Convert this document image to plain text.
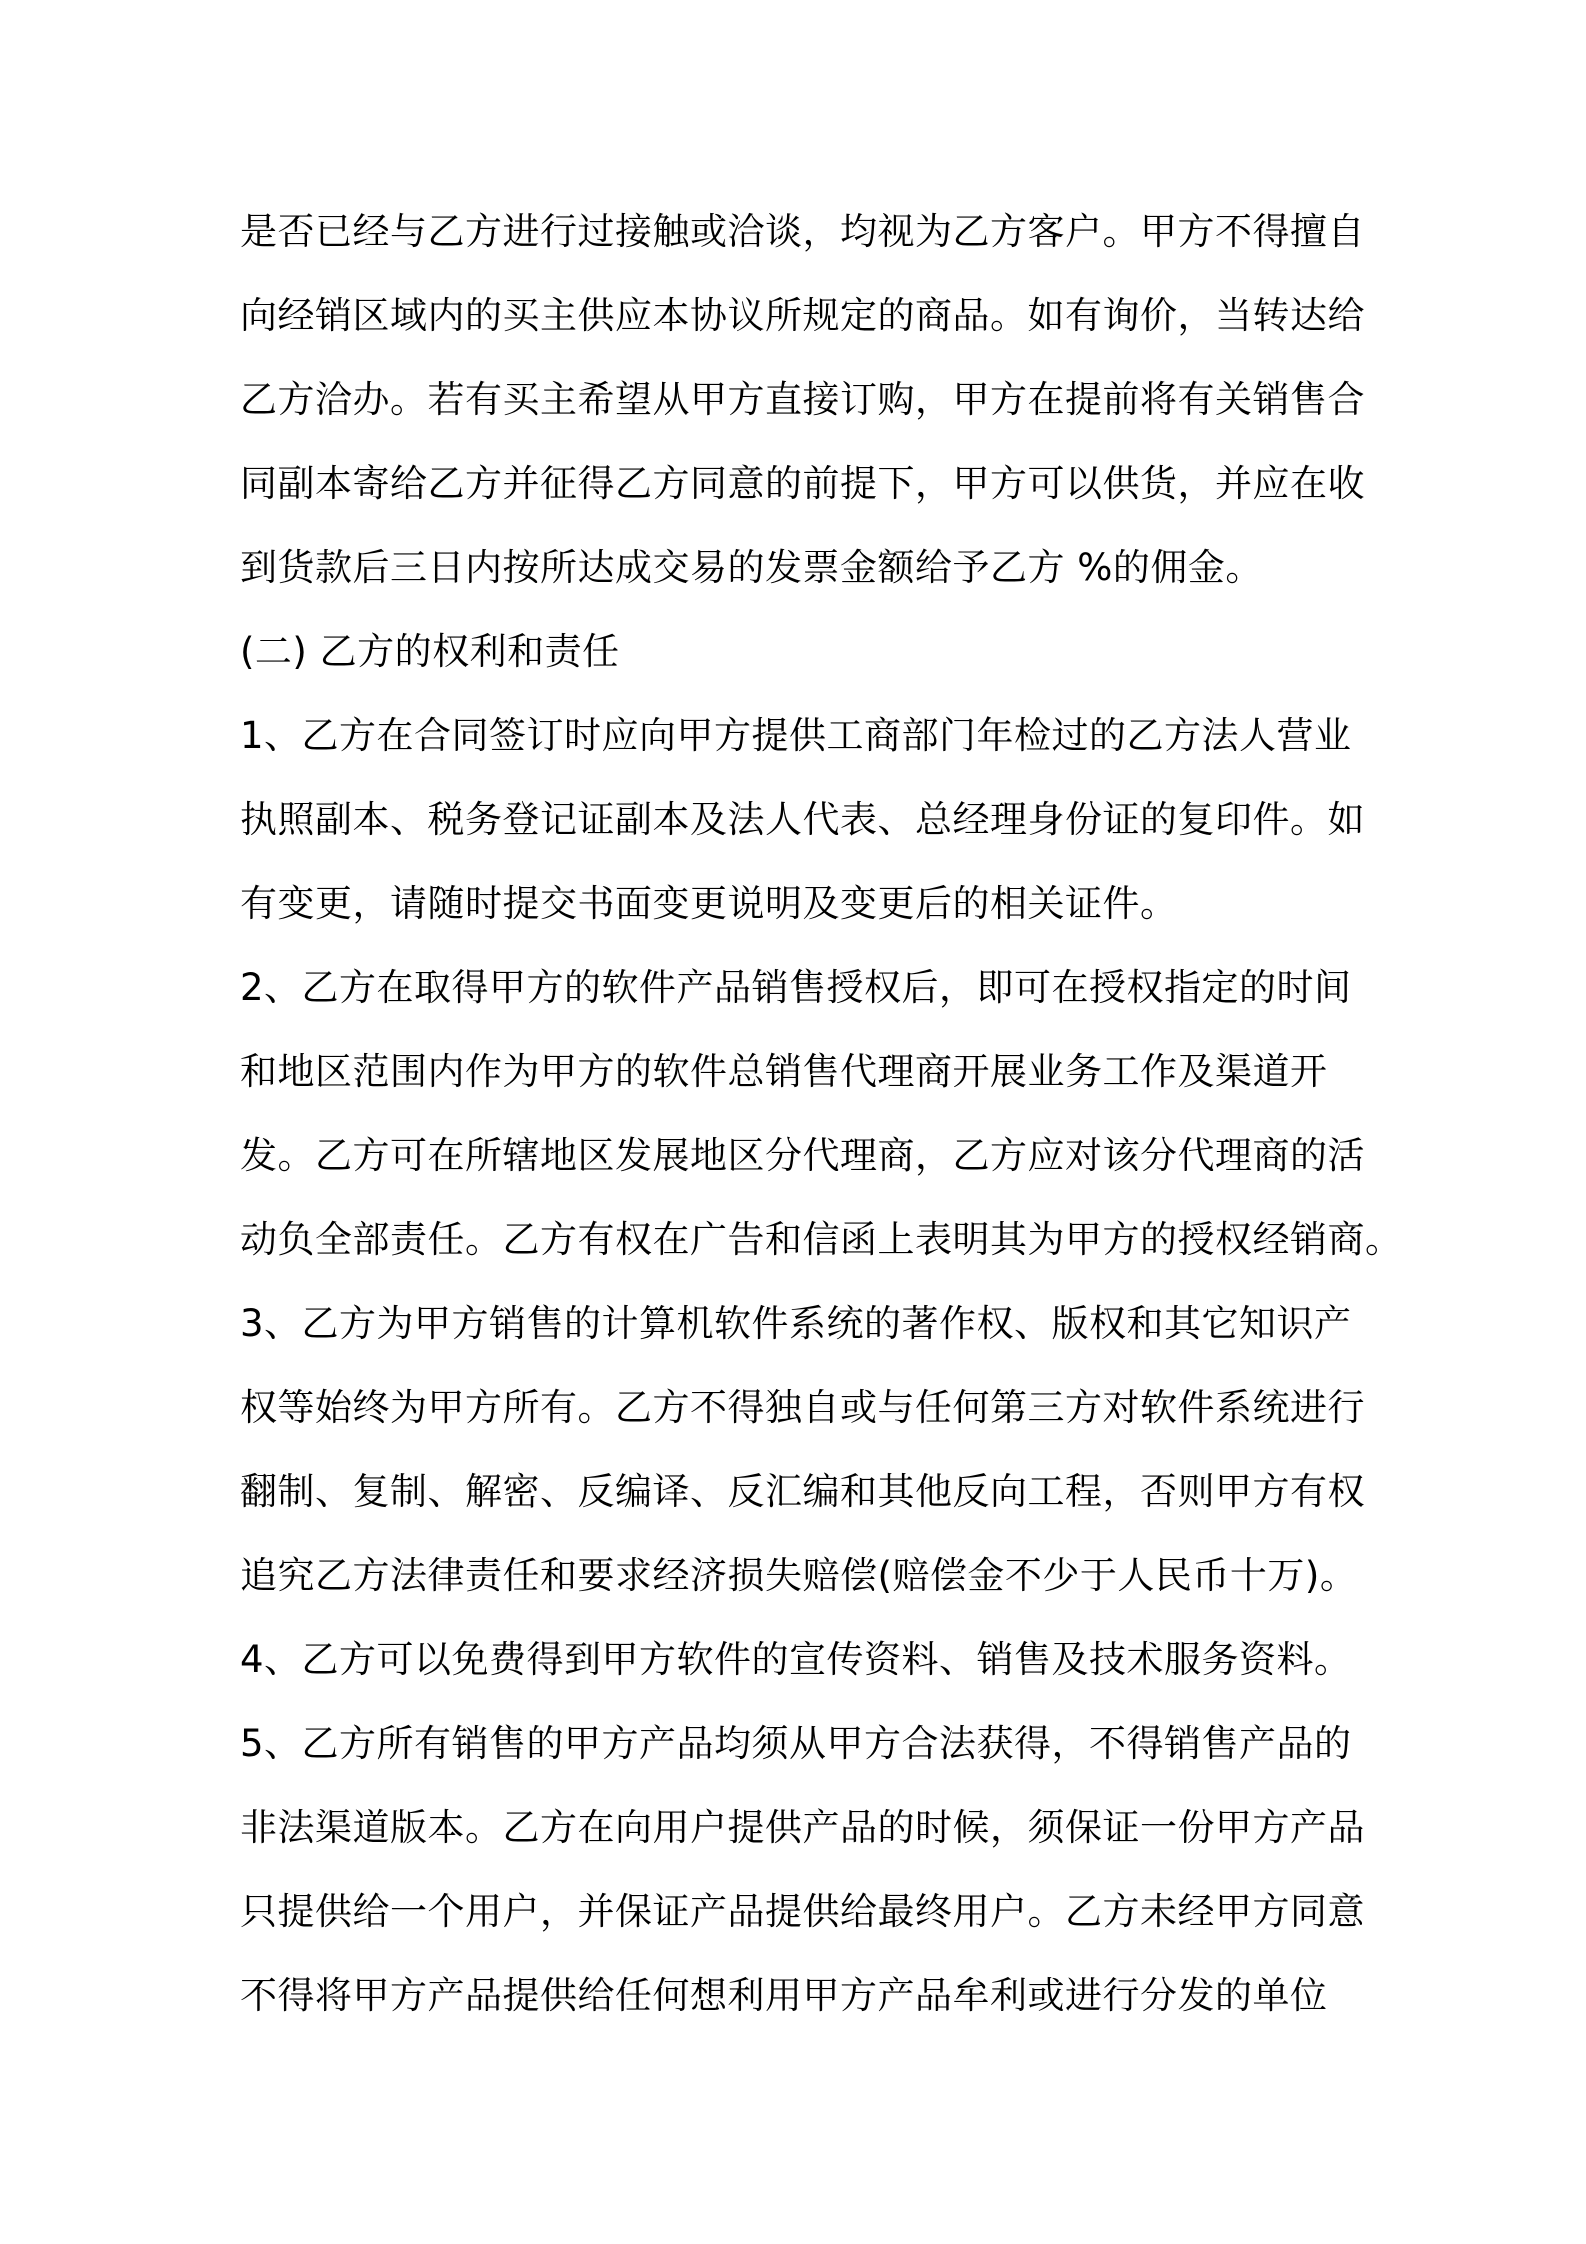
是否已经与乙方进行过接触或洽谈，均视为乙方客户。甲方不得擅自
向经销区域内的买主供应本协议所规定的商品。如有询价，当转达给
乙方洽办。若有买主希望从甲方直接订购，甲方在提前将有关销售合
同副本寄给乙方并征得乙方同意的前提下，甲方可以供货，并应在收
到货款后三日内按所达成交易的发票金额给予乙方 %的佣金。
(二) 乙方的权利和责任
1、乙方在合同签订时应向甲方提供工商部门年检过的乙方法人营业
执照副本、税务登记证副本及法人代表、总经理身份证的复印件。如
有变更，请随时提交书面变更说明及变更后的相关证件。
2、乙方在取得甲方的软件产品销售授权后，即可在授权指定的时间
和地区范围内作为甲方的软件总销售代理商开展业务工作及渠道开
发。乙方可在所辖地区发展地区分代理商，乙方应对该分代理商的活
动负全部责任。乙方有权在广告和信函上表明其为甲方的授权经销商。
3、乙方为甲方销售的计算机软件系统的著作权、版权和其它知识产
权等始终为甲方所有。乙方不得独自或与任何第三方对软件系统进行
翻制、复制、解密、反编译、反汇编和其他反向工程，否则甲方有权
追究乙方法律责任和要求经济损失赔偿(赔偿金不少于人民币十万)。
4、乙方可以免费得到甲方软件的宣传资料、销售及技术服务资料。
5、乙方所有销售的甲方产品均须从甲方合法获得，不得销售产品的
非法渠道版本。乙方在向用户提供产品的时候，须保证一份甲方产品
只提供给一个用户，并保证产品提供给最终用户。乙方未经甲方同意
不得将甲方产品提供给任何想利用甲方产品牟利或进行分发的单位
